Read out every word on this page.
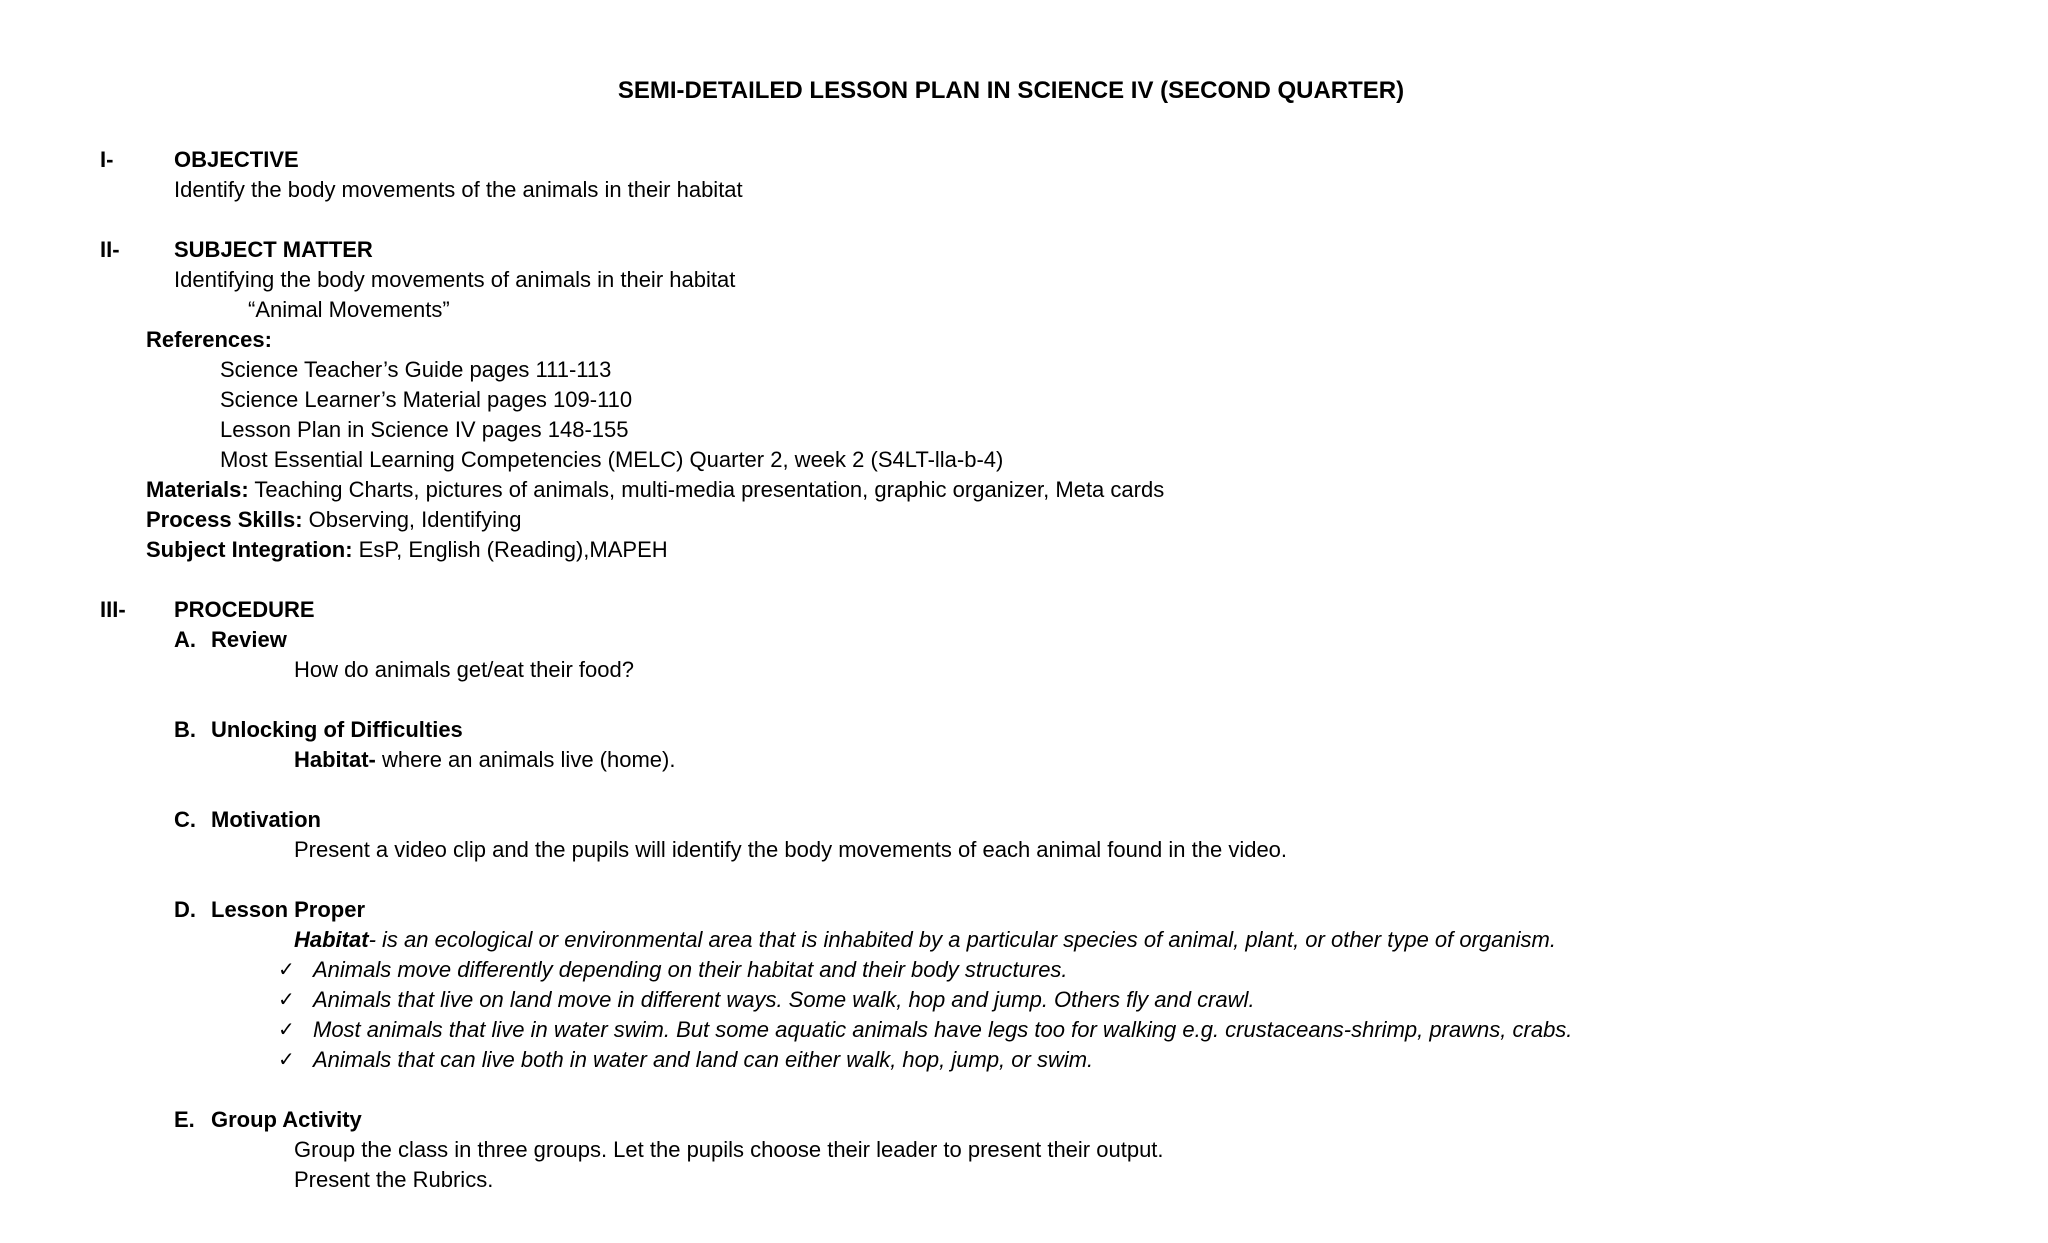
SEMI-DETAILED LESSON PLAN IN SCIENCE IV (SECOND QUARTER)
I-	OBJECTIVE
Identify the body movements of the animals in their habitat
II- SUBJECT MATTER
Identifying the body movements of animals in their habitat
“Animal Movements”
References:
Science Teacher’s Guide pages 111-113
Science Learner’s Material pages 109-110
Lesson Plan in Science IV pages 148-155
Most Essential Learning Competencies (MELC) Quarter 2, week 2 (S4LT-lla-b-4)
Materials: Teaching Charts, pictures of animals, multi-media presentation, graphic organizer, Meta cards
Process Skills: Observing, Identifying
Subject Integration: EsP, English (Reading),MAPEH
III- PROCEDURE
A. Review
How do animals get/eat their food?
B. Unlocking of Difficulties
Habitat- where an animals live (home).
C. Motivation
Present a video clip and the pupils will identify the body movements of each animal found in the video.
D. Lesson Proper
Habitat- is an ecological or environmental area that is inhabited by a particular species of animal, plant, or other type of organism.
✓ Animals move differently depending on their habitat and their body structures.
✓ Animals that live on land move in different ways. Some walk, hop and jump. Others fly and crawl.
✓ Most animals that live in water swim. But some aquatic animals have legs too for walking e.g. crustaceans-shrimp, prawns, crabs.
✓ Animals that can live both in water and land can either walk, hop, jump, or swim.
E. Group Activity
Group the class in three groups. Let the pupils choose their leader to present their output.
Present the Rubrics.
